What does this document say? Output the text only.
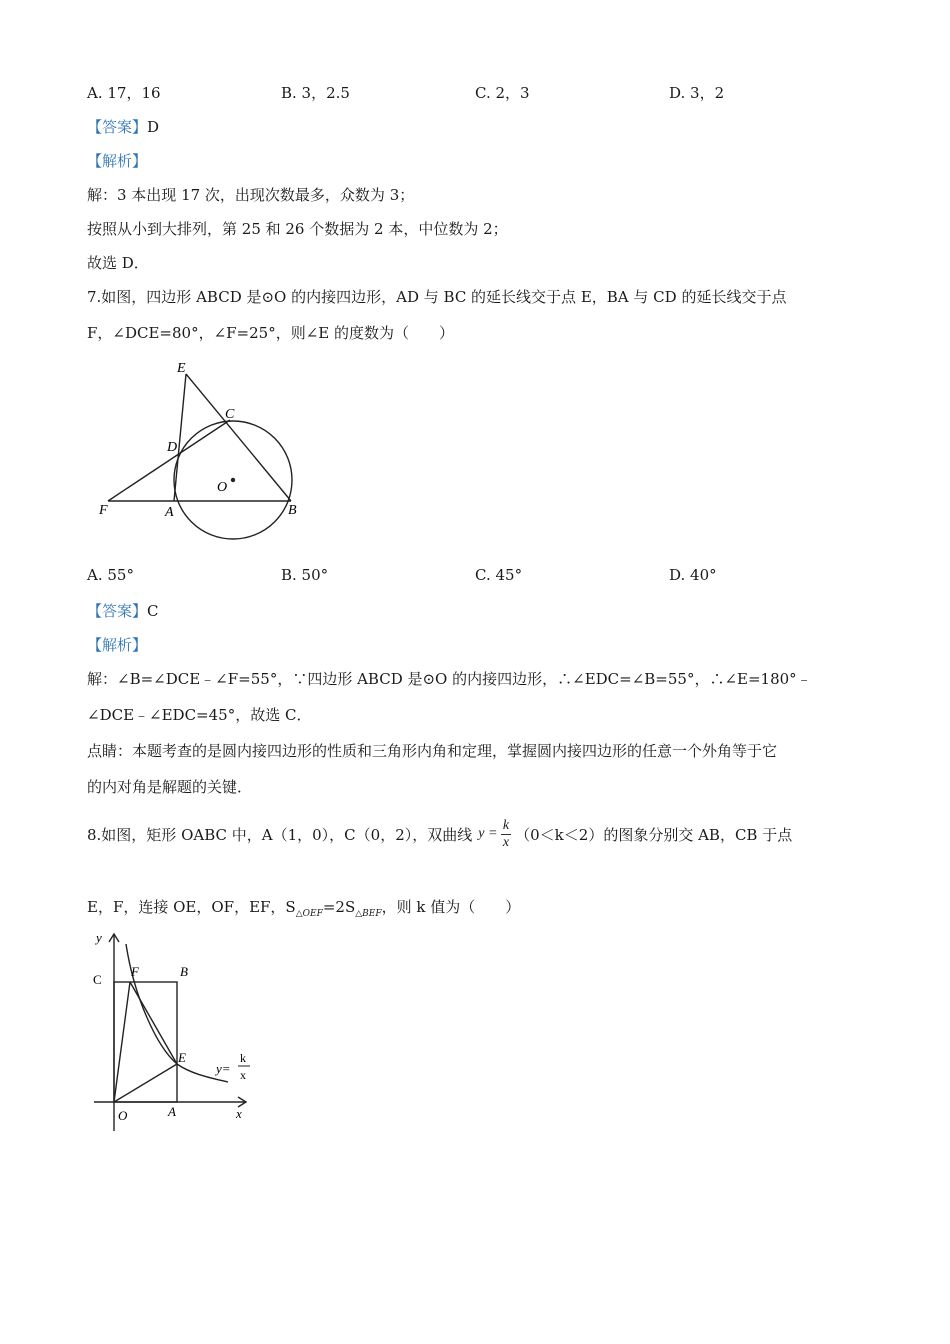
A. 17，16	B. 3，2.5	C. 2，3	D. 3，2
【答案】D
【解析】
解：3 本出现 17 次，出现次数最多，众数为 3；
按照从小到大排列，第 25 和 26 个数据为 2 本，中位数为 2；
故选 D．
7.如图，四边形 ABCD 是⊙O 的内接四边形，AD 与 BC 的延长线交于点 E，BA 与 CD 的延长线交于点
F，∠DCE=80°，∠F=25°，则∠E 的度数为（　　）
E
C
D
O
F	A	B
A. 55°	B. 50°	C. 45°	D. 40°
【答案】C
【解析】
解：∠B=∠DCE﹣∠F=55°，∵四边形 ABCD 是⊙O 的内接四边形，∴∠EDC=∠B=55°，∴∠E=180°﹣
∠DCE﹣∠EDC=45°，故选 C．
点睛：本题考查的是圆内接四边形的性质和三角形内角和定理，掌握圆内接四边形的任意一个外角等于它
的内对角是解题的关键．
8.如图，矩形 OABC 中，A（1，0），C（0，2），双曲线 $y = \frac{k}{x} (0<k<2)$的图象分别交 AB，CB 于点
E，F，连接 OE，OF，EF，$S_{\triangle OEF}=2S_{\triangle BEF}$，则 k 值为（　　）
y
x
C
F	B
E
O	A
y=
k
x
